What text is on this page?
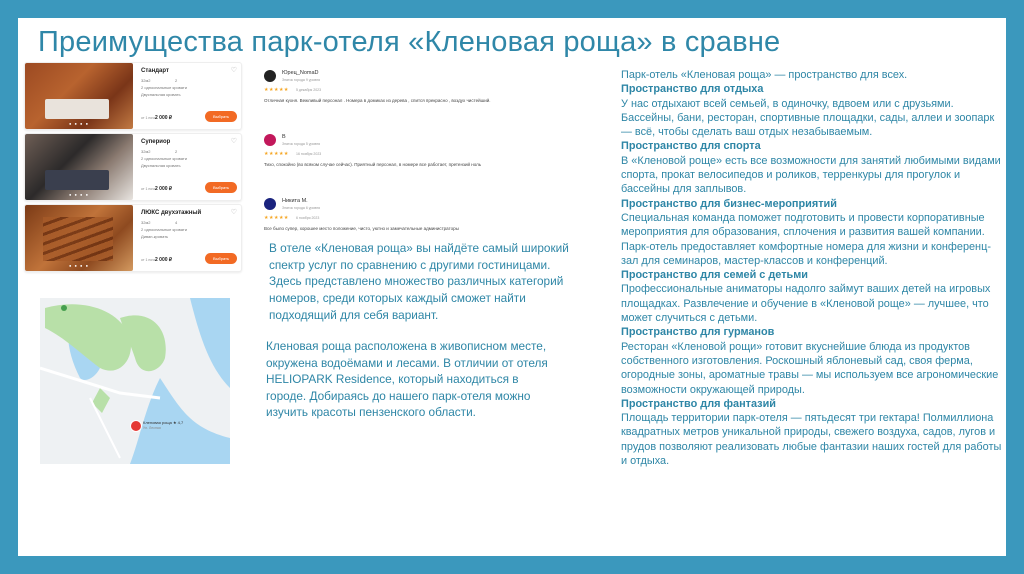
Преимущества парк-отеля «Кленовая роща» в сравне
● ● ● ●
Стандарт	♡
32м2	2
2 односпальные кровати
Двуспальная кровать
от 1 ночь 2 000 ₽	Выбрать
● ● ● ●
Супериор	♡
32м2	2
2 односпальные кровати
Двуспальная кровать
от 1 ночь 2 000 ₽	Выбрать
● ● ● ●
ЛЮКС двухэтажный	♡
32м2	4
2 односпальные кровати
Диван-кровать
от 1 ночь 2 000 ₽	Выбрать
Юрец_NomaD
Знаток города 9 уровня
★★★★★ 5 декабря 2023
Отличная кухня. Вежливый персонал . Номера в домиках из дерева , спится прекрасно , воздух чистейший.
В
Знаток города 5 уровня
★★★★★ 16 ноября 2023
Тихо, спокойно (во всяком случае сейчас). Приятный персонал, в номере все работает, претензий ноль
Никита М.
Знаток города 6 уровня
★★★★★ 6 ноября 2023
Все было супер, хорошее место положение, чисто, уютно и замечательные администраторы

В отеле «Кленовая роща» вы найдёте самый широкий спектр услуг по сравнению с другими гостиницами. Здесь представлено множество различных категорий номеров, среди которых каждый сможет найти подходящий для себя вариант.

Кленовая роща ★ 4,7
Ул. Лесная

Кленовая роща расположена в живописном месте, окружена водоёмами и лесами. В отличии от отеля HELIOPARK Residence, который находиться в городе. Добираясь до нашего парк-отеля можно изучить красоты пензенского области.

Парк-отель «Кленовая роща» — пространство для всех.

Пространство для отдыха

У нас отдыхают всей семьей, в одиночку, вдвоем или с друзьями. Бассейны, бани, ресторан, спортивные площадки, сады, аллеи и зоопарк — всё, чтобы сделать ваш отдых незабываемым.

Пространство для спорта

В «Кленовой роще» есть все возможности для занятий любимыми видами спорта, прокат велосипедов и роликов, терренкуры для прогулок и бассейны для заплывов.

Пространство для бизнес-мероприятий

Специальная команда поможет подготовить и провести корпоративные мероприятия для образования, сплочения и развития вашей компании. Парк-отель предоставляет комфортные номера для жизни и конференц-зал для семинаров, мастер-классов и конференций.

Пространство для семей с детьми

Профессиональные аниматоры надолго займут ваших детей на игровых площадках. Развлечение и обучение в «Кленовой роще» — лучшее, что может случиться с детьми.

Пространство для гурманов

Ресторан «Кленовой рощи» готовит вкуснейшие блюда из продуктов собственного изготовления. Роскошный яблоневый сад, своя ферма, огородные зоны, ароматные травы — мы используем все агрономические возможности окружающей природы.

Пространство для фантазий

Площадь территории парк-отеля — пятьдесят три гектара! Полмиллиона квадратных метров уникальной природы, свежего воздуха, садов, лугов и прудов позволяют реализовать любые фантазии наших гостей для работы и отдыха.
